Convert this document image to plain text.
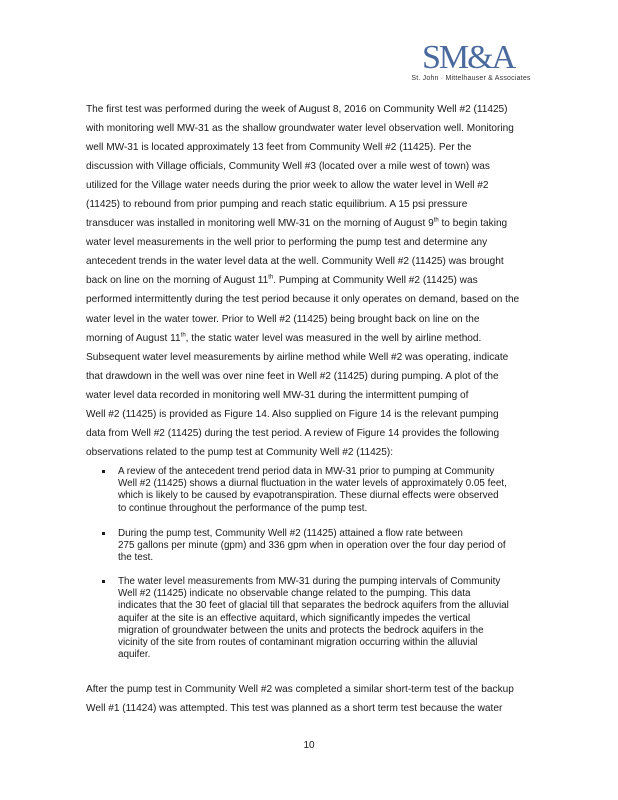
SM&A
St. John · Mittelhauser & Associates
The first test was performed during the week of August 8, 2016 on Community Well #2 (11425)
with monitoring well MW-31 as the shallow groundwater water level observation well. Monitoring
well MW-31 is located approximately 13 feet from Community Well #2 (11425). Per the
discussion with Village officials, Community Well #3 (located over a mile west of town) was
utilized for the Village water needs during the prior week to allow the water level in Well #2
(11425) to rebound from prior pumping and reach static equilibrium. A 15 psi pressure
transducer was installed in monitoring well MW-31 on the morning of August 9th to begin taking
water level measurements in the well prior to performing the pump test and determine any
antecedent trends in the water level data at the well. Community Well #2 (11425) was brought
back on line on the morning of August 11th. Pumping at Community Well #2 (11425) was
performed intermittently during the test period because it only operates on demand, based on the
water level in the water tower. Prior to Well #2 (11425) being brought back on line on the
morning of August 11th, the static water level was measured in the well by airline method.
Subsequent water level measurements by airline method while Well #2 was operating, indicate
that drawdown in the well was over nine feet in Well #2 (11425) during pumping. A plot of the
water level data recorded in monitoring well MW-31 during the intermittent pumping of
Well #2 (11425) is provided as Figure 14. Also supplied on Figure 14 is the relevant pumping
data from Well #2 (11425) during the test period. A review of Figure 14 provides the following
observations related to the pump test at Community Well #2 (11425):
A review of the antecedent trend period data in MW-31 prior to pumping at Community
Well #2 (11425) shows a diurnal fluctuation in the water levels of approximately 0.05 feet,
which is likely to be caused by evapotranspiration. These diurnal effects were observed
to continue throughout the performance of the pump test.
During the pump test, Community Well #2 (11425) attained a flow rate between
275 gallons per minute (gpm) and 336 gpm when in operation over the four day period of
the test.
The water level measurements from MW-31 during the pumping intervals of Community
Well #2 (11425) indicate no observable change related to the pumping. This data
indicates that the 30 feet of glacial till that separates the bedrock aquifers from the alluvial
aquifer at the site is an effective aquitard, which significantly impedes the vertical
migration of groundwater between the units and protects the bedrock aquifers in the
vicinity of the site from routes of contaminant migration occurring within the alluvial
aquifer.
After the pump test in Community Well #2 was completed a similar short-term test of the backup
Well #1 (11424) was attempted. This test was planned as a short term test because the water
10
